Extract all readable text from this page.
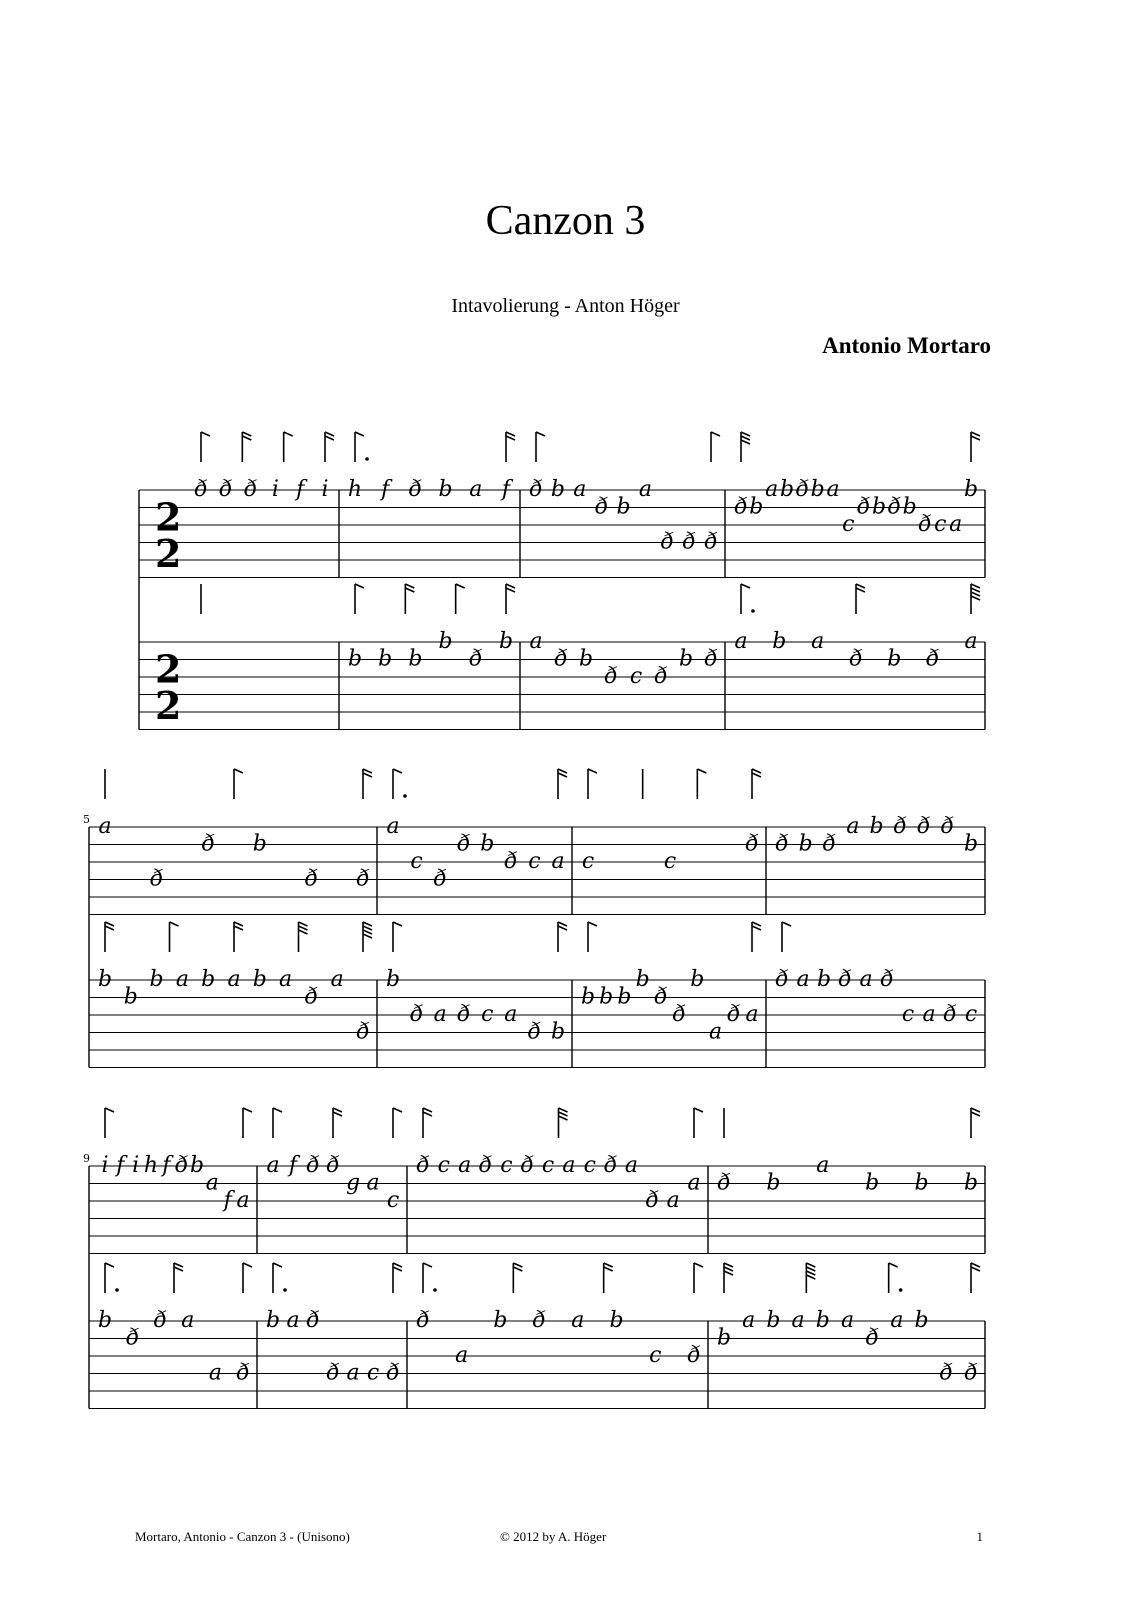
Canzon 3
Intavolierung - Anton Höger
Antonio Mortaro
2
2
ð ð ð i f i h f ð b a f ð b a
ð b
a
ð ð ð
ð b
a b ð b a
c
ð b ð b
ð c a
b
2
2
b b b
b
ð
b a
ð b
ð c ð
b ð
a b a
ð b ð
a
5 a
ð
ð b
ð ð
a
c
ð
ð b
ð c a c	c
ð ð b ð
a b ð ð ð
b
b
b
b a b a b a
ð
a
ð
b
ð a ð c a
ð b
b b b
b
ð
ð
b
a
ð a
ð a b ð a ð
c a ð c
9 i f i h f ð b
a
f a
a f ð ð
g a
c
ð c a ð c ð c a c ð a
ð a
a ð b
a
b b b
b
ð
ð a
a ð
b a ð
ð a c ð
ð
a
b ð a b
c ð
b
a b a b a
ð
a b
ð ð
Mortaro, Antonio - Canzon 3 - (Unisono)	© 2012 by A. Höger	1
